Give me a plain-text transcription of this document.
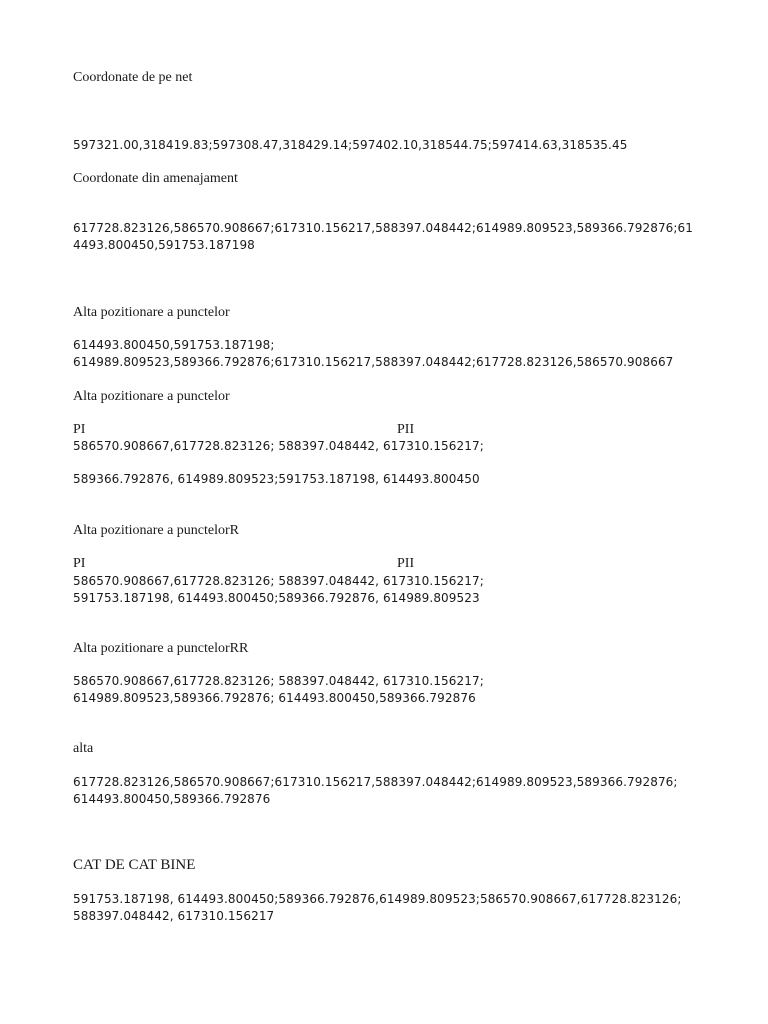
Coordonate de pe net
597321.00,318419.83;597308.47,318429.14;597402.10,318544.75;597414.63,318535.45
Coordonate din amenajament
617728.823126,586570.908667;617310.156217,588397.048442;614989.809523,589366.792876;61
4493.800450,591753.187198
Alta pozitionare a punctelor
614493.800450,591753.187198;
614989.809523,589366.792876;617310.156217,588397.048442;617728.823126,586570.908667
Alta pozitionare a punctelor
PI	PII
586570.908667,617728.823126; 588397.048442, 617310.156217;
589366.792876, 614989.809523;591753.187198, 614493.800450
Alta pozitionare a punctelorR
PI	PII
586570.908667,617728.823126; 588397.048442, 617310.156217;
591753.187198, 614493.800450;589366.792876, 614989.809523
Alta pozitionare a punctelorRR
586570.908667,617728.823126; 588397.048442, 617310.156217;
614989.809523,589366.792876; 614493.800450,589366.792876
alta
617728.823126,586570.908667;617310.156217,588397.048442;614989.809523,589366.792876;
614493.800450,589366.792876
CAT DE CAT BINE
591753.187198, 614493.800450;589366.792876,614989.809523;586570.908667,617728.823126;
588397.048442, 617310.156217
